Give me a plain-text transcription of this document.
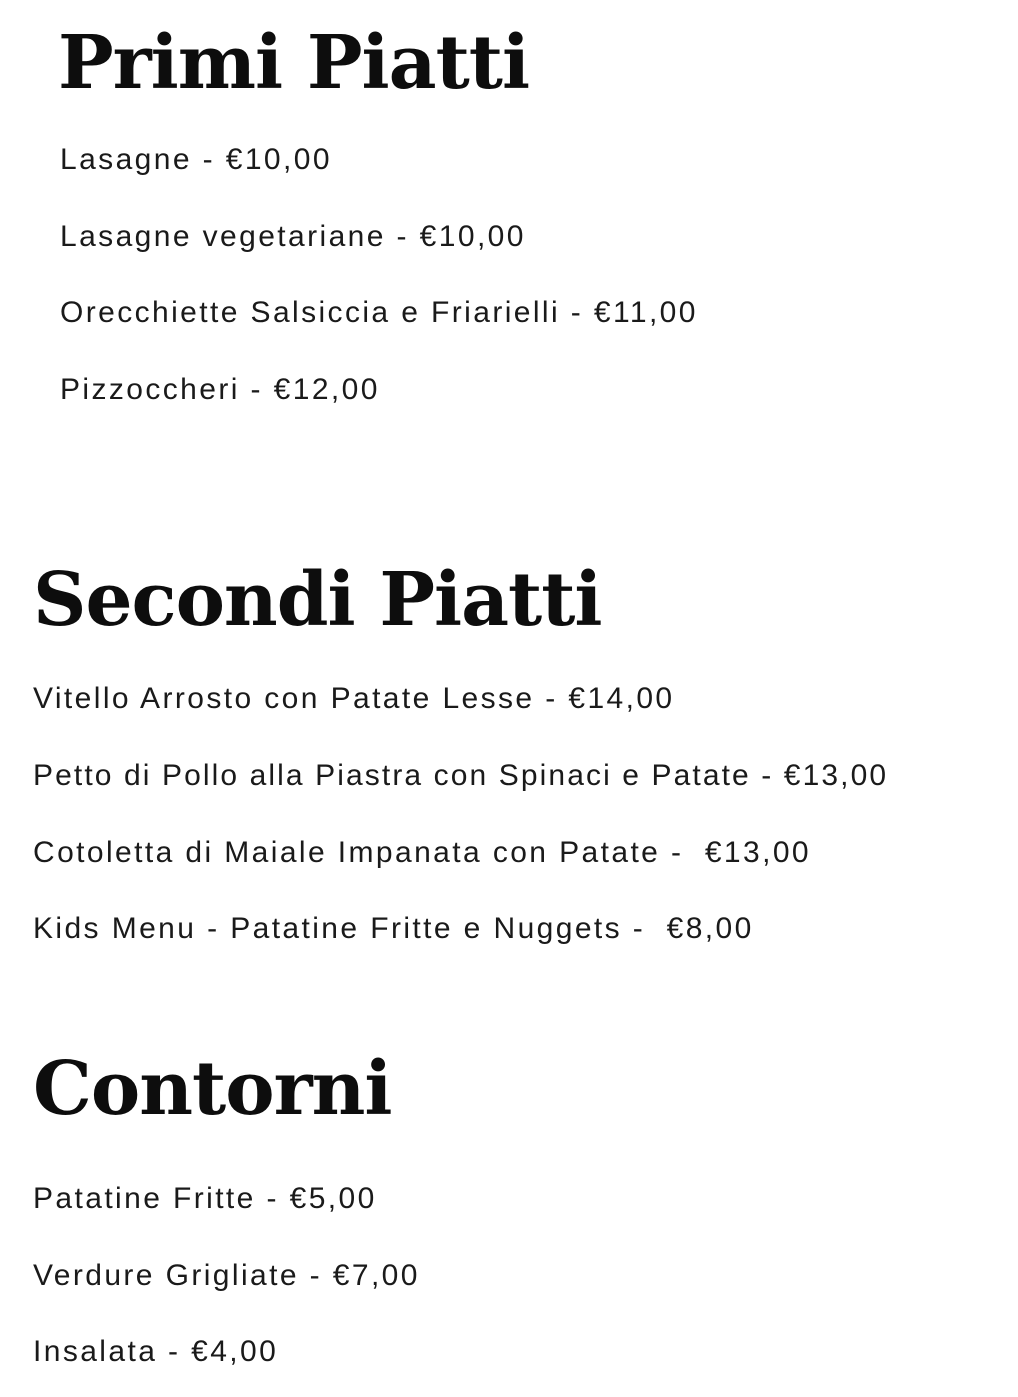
Primi Piatti

Lasagne - €10,00

Lasagne vegetariane - €10,00

Orecchiette Salsiccia e Friarielli - €11,00

Pizzoccheri - €12,00

Secondi Piatti

Vitello Arrosto con Patate Lesse - €14,00

Petto di Pollo alla Piastra con Spinaci e Patate - €13,00

Cotoletta di Maiale Impanata con Patate -  €13,00

Kids Menu - Patatine Fritte e Nuggets -  €8,00

Contorni

Patatine Fritte - €5,00

Verdure Grigliate - €7,00

Insalata - €4,00
